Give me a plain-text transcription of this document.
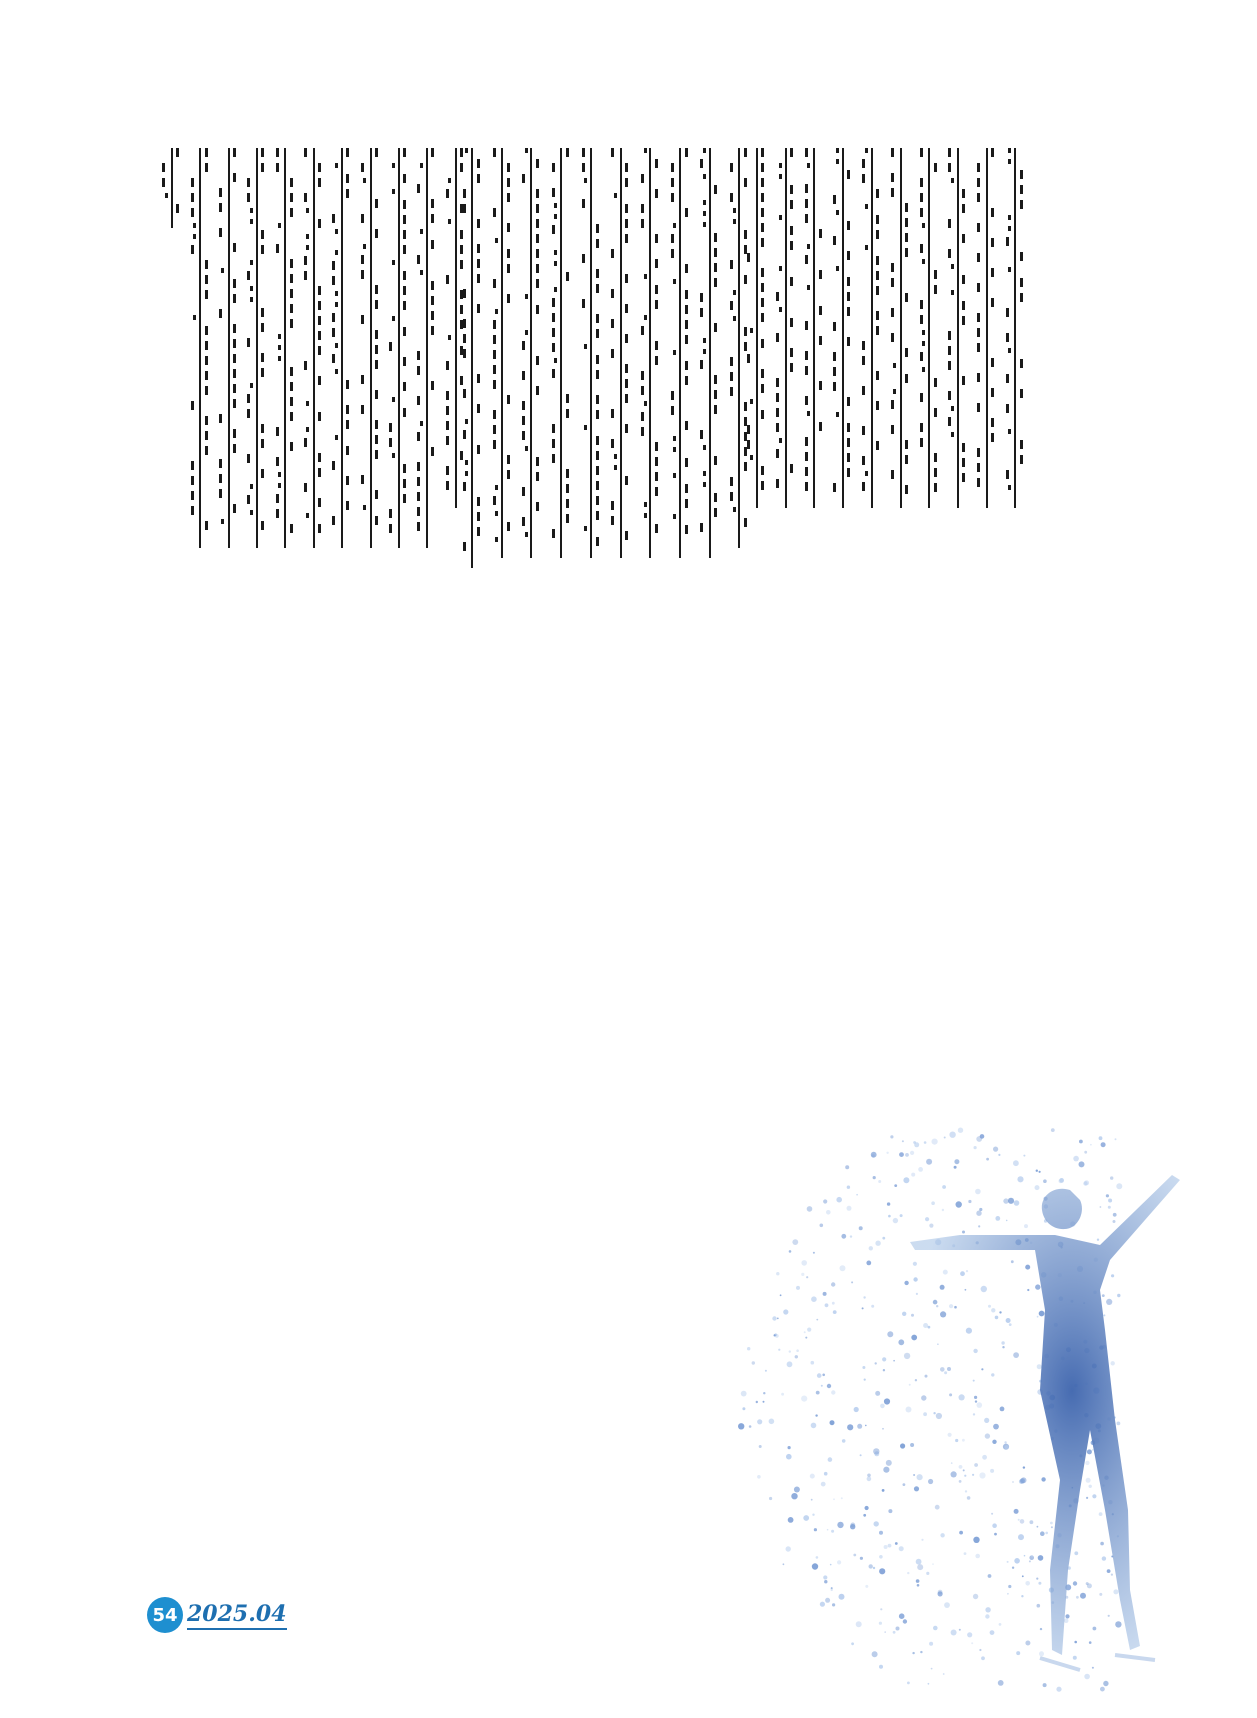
54 2025.04
